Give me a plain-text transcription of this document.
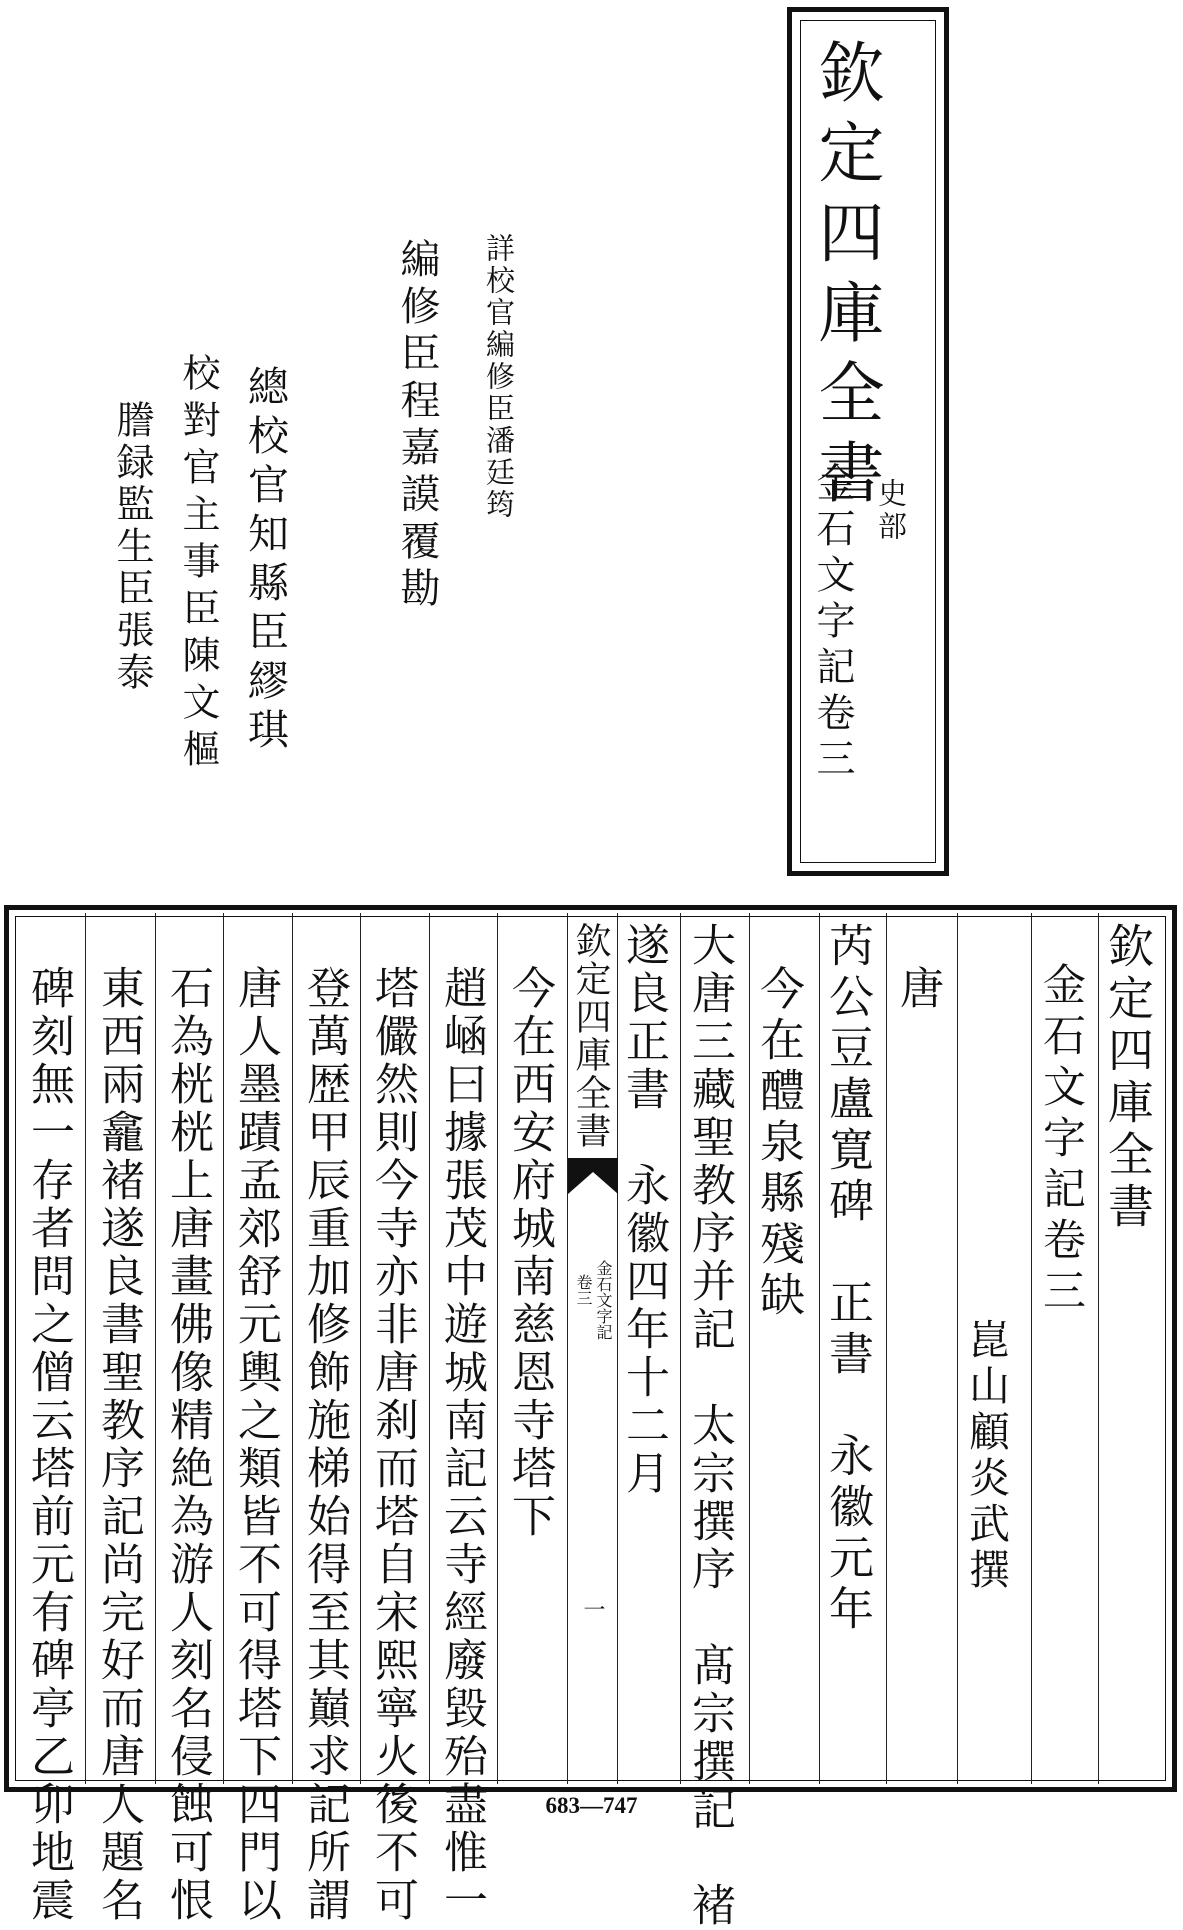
欽定四庫全書
史部
金石文字記卷三
詳校官編修臣潘廷筠
編修臣程嘉謨覆勘
總校官知縣臣繆琪
校對官主事臣陳文樞
謄録監生臣張泰
欽定四庫全書
金石文字記卷三
崑山顧炎武撰
唐
芮公豆盧寛碑　正書　永徽元年
今在醴泉縣殘缺
大唐三藏聖教序并記　太宗撰序　髙宗撰記　褚
遂良正書　永徽四年十二月
欽定四庫全書
金石文字記
卷三
一
今在西安府城南慈恩寺塔下
趙崡曰據張茂中遊城南記云寺經廢毀殆盡惟一
塔儼然則今寺亦非唐刹而塔自宋熙寧火後不可
登萬歴甲辰重加修飾施梯始得至其巔求記所謂
唐人墨蹟孟郊舒元輿之類皆不可得塔下四門以
石為桄桄上唐畫佛像精絶為游人刻名侵蝕可恨
東西兩龕褚遂良書聖教序記尚完好而唐人題名
碑刻無一存者問之僧云塔前元有碑亭乙卯地震	683—747
